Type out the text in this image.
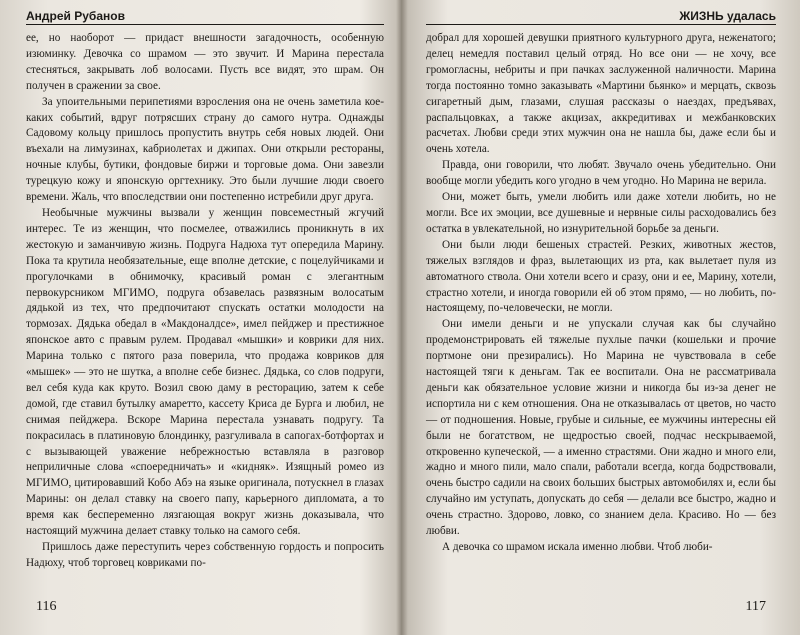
Андрей Рубанов

ее, но наоборот — придаст внешности загадочность, особенную изюминку. Девочка со шрамом — это звучит. И Марина перестала стесняться, закрывать лоб волосами. Пусть все видят, это шрам. Он получен в сражении за свое.

За упоительными перипетиями взросления она не очень заметила кое-каких событий, вдруг потрясших страну до самого нутра. Однажды Садовому кольцу пришлось пропустить внутрь себя новых людей. Они въехали на лимузинах, кабриолетах и джипах. Они открыли рестораны, ночные клубы, бутики, фондовые биржи и торговые дома. Они завезли турецкую кожу и японскую оргтехнику. Это были лучшие люди своего времени. Жаль, что впоследствии они постепенно истребили друг друга.

Необычные мужчины вызвали у женщин повсеместный жгучий интерес. Те из женщин, что посмелее, отважились проникнуть в их жестокую и заманчивую жизнь. Подруга Надюха тут опередила Марину. Пока та крутила необязательные, еще вполне детские, с поцелуйчиками и прогулочками в обнимочку, красивый роман с элегантным первокурсником МГИМО, подруга обзавелась развязным волосатым дядькой из тех, что предпочитают спускать остатки молодости на тормозах. Дядька обедал в «Макдоналдсе», имел пейджер и престижное японское авто с правым рулем. Продавал «мышки» и коврики для них. Марина только с пятого раза поверила, что продажа ковриков для «мышек» — это не шутка, а вполне себе бизнес. Дядька, со слов подруги, вел себя куда как круто. Возил свою даму в ресторацию, затем к себе домой, где ставил бутылку амаретто, кассету Криса де Бурга и любил, не снимая пейджера. Вскоре Марина перестала узнавать подругу. Та покрасилась в платиновую блондинку, разгуливала в сапогах-ботфортах и с вызывающей уважение небрежностью вставляла в разговор неприличные слова «споередничать» и «кидняк». Изящный ромео из МГИМО, цитировавший Кобо Абэ на языке оригинала, потускнел в глазах Марины: он делал ставку на своего папу, карьерного дипломата, а то время как беспеременно лязгающая вокруг жизнь доказывала, что настоящий мужчина делает ставку только на самого себя.

Пришлось даже переступить через собственную гордость и попросить Надюху, чтоб торговец ковриками по-

116
ЖИЗНЬ удалась

добрал для хорошей девушки приятного культурного друга, неженатого; делец немедля поставил целый отряд. Но все они — не хочу, все громогласны, небриты и при пачках заслуженной наличности. Марина тогда постоянно томно заказывать «Мартини бьянко» и мерцать, сквозь сигаретный дым, глазами, слушая рассказы о наездах, предъявах, распальцовках, а также акцизах, аккредитивах и межбанковских расчетах. Любви среди этих мужчин она не нашла бы, даже если бы и очень хотела.

Правда, они говорили, что любят. Звучало очень убедительно. Они вообще могли убедить кого угодно в чем угодно. Но Марина не верила.

Они, может быть, умели любить или даже хотели любить, но не могли. Все их эмоции, все душевные и нервные силы расходовались без остатка в увлекательной, но изнурительной борьбе за деньги.

Они были люди бешеных страстей. Резких, животных жестов, тяжелых взглядов и фраз, вылетающих из рта, как вылетает пуля из автоматного ствола. Они хотели всего и сразу, они и ее, Марину, хотели, страстно хотели, и иногда говорили ей об этом прямо, — но любить, по-настоящему, по-человечески, не могли.

Они имели деньги и не упускали случая как бы случайно продемонстрировать ей тяжелые пухлые пачки (кошельки и прочие портмоне они презирались). Но Марина не чувствовала в себе настоящей тяги к деньгам. Так ее воспитали. Она не рассматривала деньги как обязательное условие жизни и никогда бы из-за денег не испортила ни с кем отношения. Она не отказывалась от цветов, но часто — от подношения. Новые, грубые и сильные, ее мужчины интересны ей были не богатством, не щедростью своей, подчас нескрываемой, откровенно купеческой, — а именно страстями. Они жадно и много ели, жадно и много пили, мало спали, работали всегда, когда бодрствовали, очень быстро садили на своих больших быстрых автомобилях и, если бы случайно им уступать, допускать до себя — делали все быстро, жадно и очень страстно. Здорово, ловко, со знанием дела. Красиво. Но — без любви.

А девочка со шрамом искала именно любви. Чтоб люби-

117
